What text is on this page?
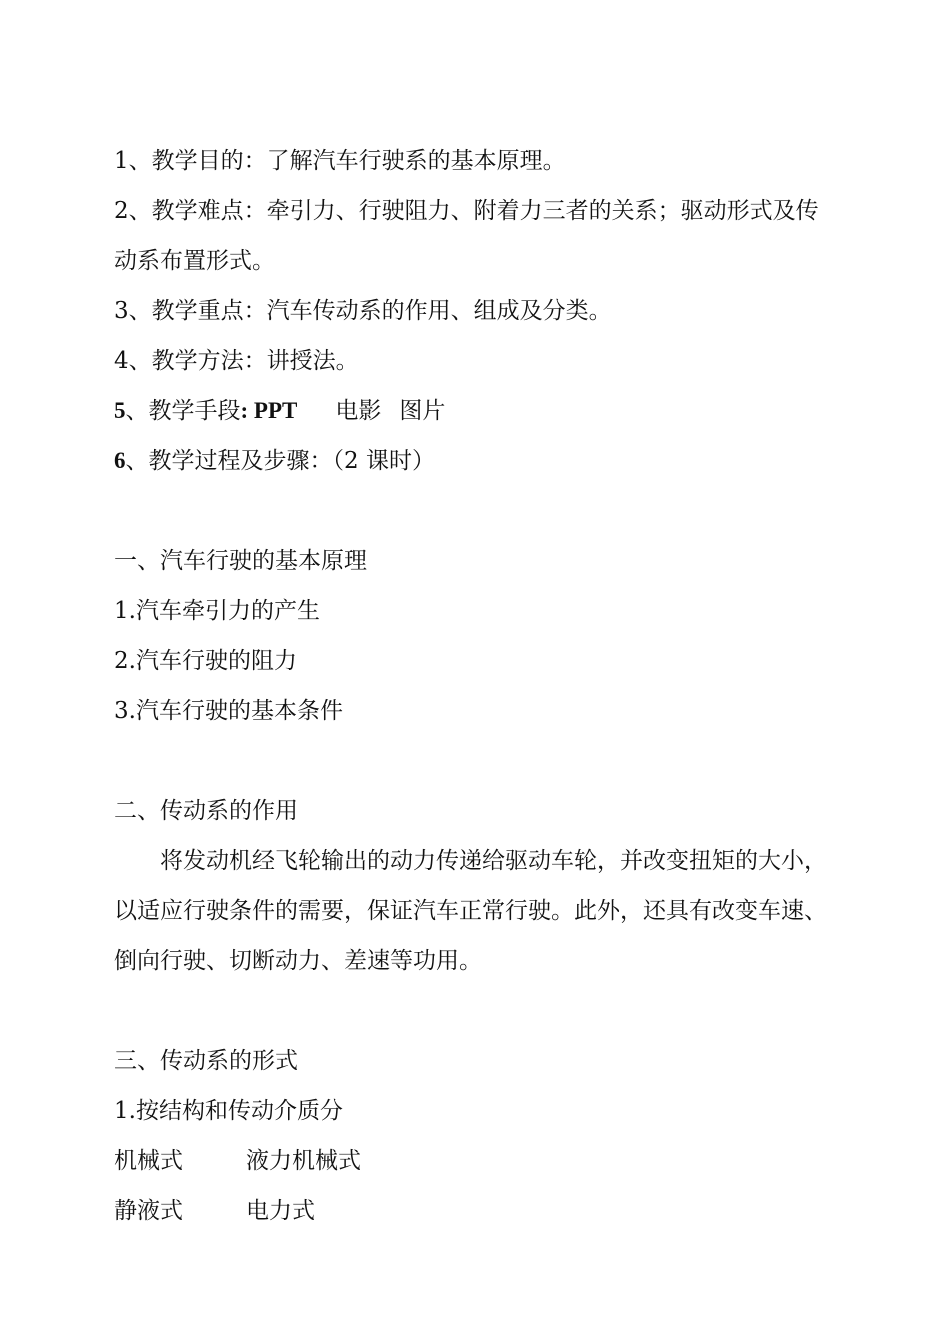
1、教学目的：了解汽车行驶系的基本原理。
2、教学难点：牵引力、行驶阻力、附着力三者的关系；驱动形式及传
动系布置形式。
3、教学重点：汽车传动系的作用、组成及分类。
4、教学方法：讲授法。
5、教学手段: PPT 电影 图片
6、教学过程及步骤：（2 课时）
一、汽车行驶的基本原理
1.汽车牵引力的产生
2.汽车行驶的阻力
3.汽车行驶的基本条件
二、传动系的作用
将发动机经飞轮输出的动力传递给驱动车轮，并改变扭矩的大小，
以适应行驶条件的需要，保证汽车正常行驶。此外，还具有改变车速、
倒向行驶、切断动力、差速等功用。
三、传动系的形式
1.按结构和传动介质分
机械式	液力机械式
静液式	电力式
